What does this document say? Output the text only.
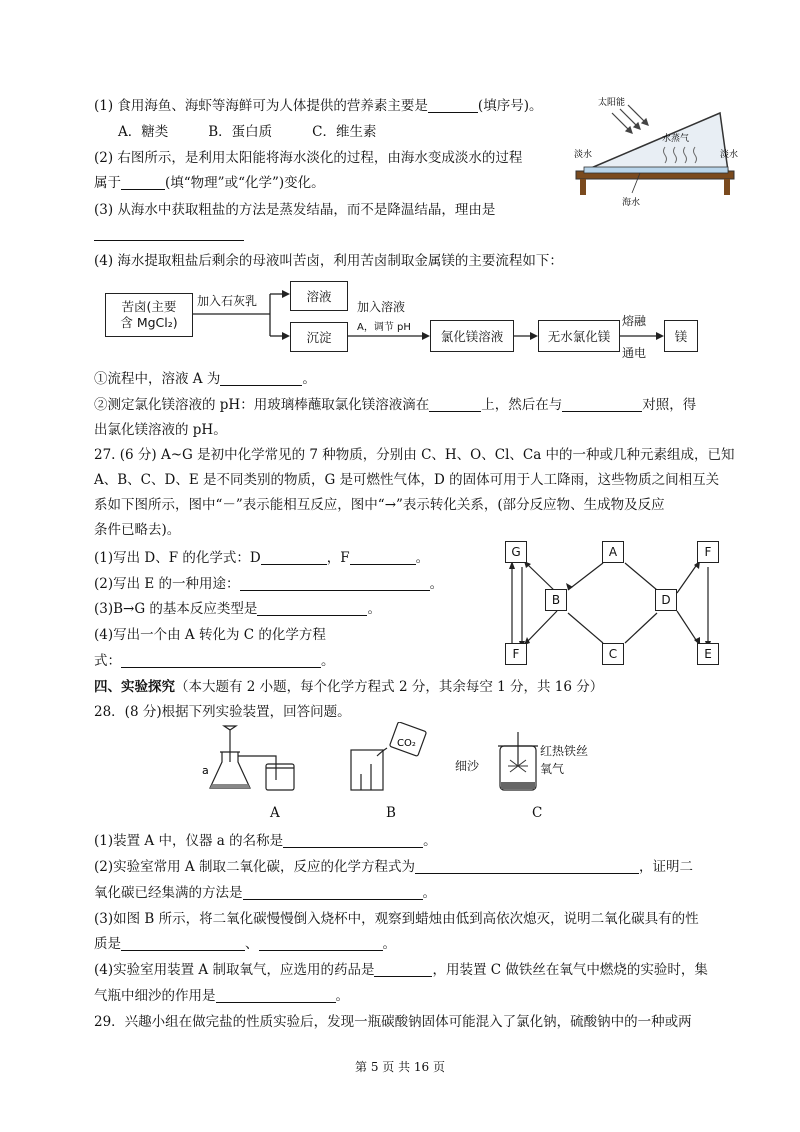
(1) 食用海鱼、海虾等海鲜可为人体提供的营养素主要是	(填序号)。
A．糖类	B．蛋白质	C．维生素
(2) 右图所示，是利用太阳能将海水淡化的过程，由海水变成淡水的过程
属于	(填“物理”或“化学”)变化。
(3) 从海水中获取粗盐的方法是蒸发结晶，而不是降温结晶，理由是
(4) 海水提取粗盐后剩余的母液叫苦卤，利用苦卤制取金属镁的主要流程如下：
太阳能
水蒸气
淡水	淡水
海水
苦卤(主要
含 MgCl₂)
加入石灰乳	溶液
沉淀
加入溶液
A，调节 pH
氯化镁溶液	无水氯化镁
熔融
通电
镁
①流程中，溶液 A 为	。
②测定氯化镁溶液的 pH：用玻璃棒蘸取氯化镁溶液滴在	上，然后在与	对照，得
出氯化镁溶液的 pH。
27. (6 分) A~G 是初中化学常见的 7 种物质，分别由 C、H、O、Cl、Ca 中的一种或几种元素组成，已知
A、B、C、D、E 是不同类别的物质，G 是可燃性气体，D 的固体可用于人工降雨，这些物质之间相互关
系如下图所示，图中“－”表示能相互反应，图中“→”表示转化关系，(部分反应物、生成物及反应
条件已略去)。
(1)写出 D、F 的化学式：D	，F	。
(2)写出 E 的一种用途：	。
(3)B→G 的基本反应类型是	。
(4)写出一个由 A 转化为 C 的化学方程
式：	。
G	A	F
B	D
F	C	E
四、实验探究（本大题有 2 小题，每个化学方程式 2 分，其余每空 1 分，共 16 分）
28．(8 分)根据下列实验装置，回答问题。
a
CO₂
红热铁丝
氧气
细沙
A	B	C
(1)装置 A 中，仪器 a 的名称是	。
(2)实验室常用 A 制取二氧化碳，反应的化学方程式为	，证明二
氧化碳已经集满的方法是	。
(3)如图 B 所示，将二氧化碳慢慢倒入烧杯中，观察到蜡烛由低到高依次熄灭，说明二氧化碳具有的性
质是	、	。
(4)实验室用装置 A 制取氧气，应选用的药品是	，用装置 C 做铁丝在氧气中燃烧的实验时，集
气瓶中细沙的作用是	。
29．兴趣小组在做完盐的性质实验后，发现一瓶碳酸钠固体可能混入了氯化钠，硫酸钠中的一种或两
第 5 页 共 16 页
